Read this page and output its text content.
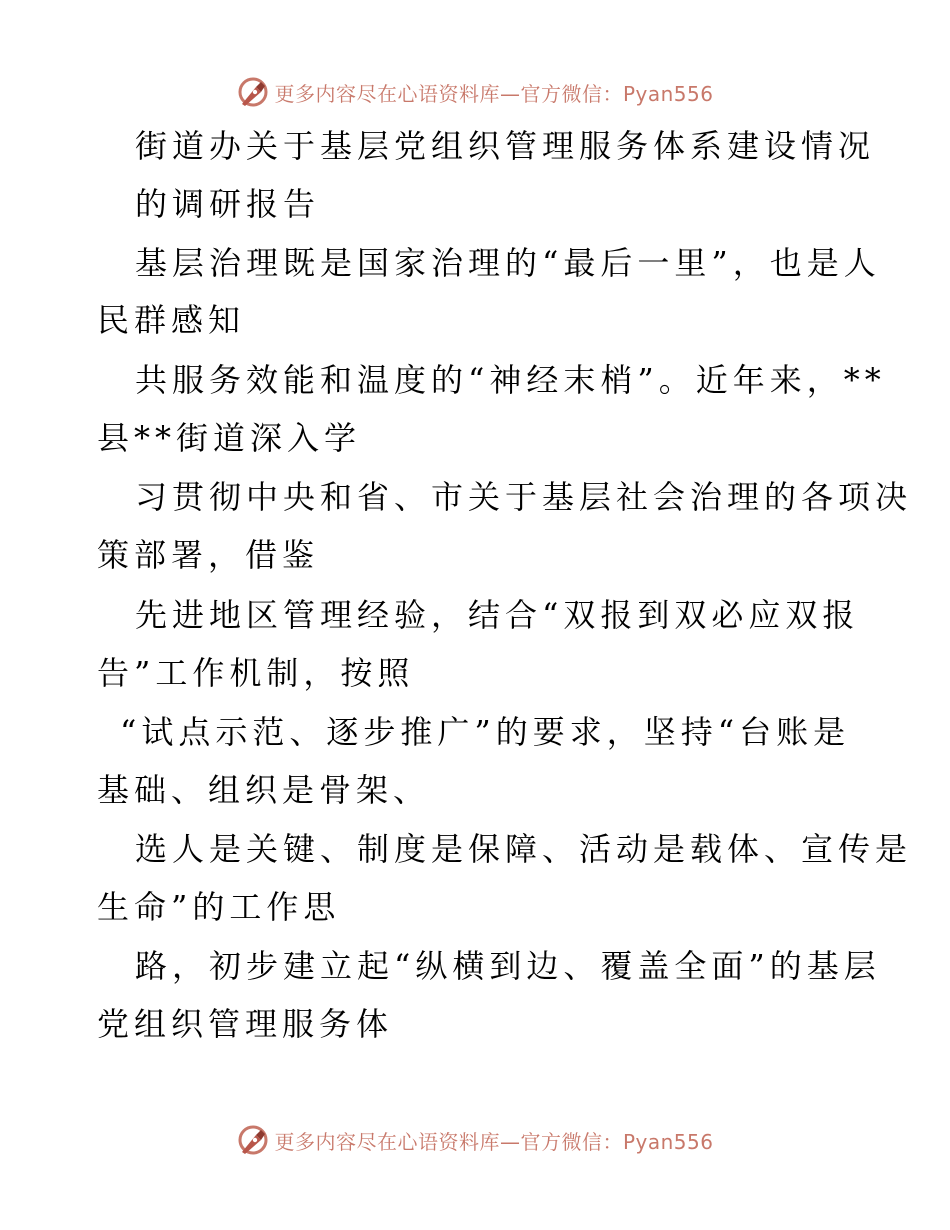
更多内容尽在心语资料库—官方微信：Pyan556
街道办关于基层党组织管理服务体系建设情况
的调研报告
基层治理既是国家治理的“最后一里”，也是人
民群感知
共服务效能和温度的“神经末梢”。近年来，**
县**街道深入学
习贯彻中央和省、市关于基层社会治理的各项决
策部署，借鉴
先进地区管理经验，结合“双报到双必应双报
告”工作机制，按照
“试点示范、逐步推广”的要求，坚持“台账是
基础、组织是骨架、
选人是关键、制度是保障、活动是载体、宣传是
生命”的工作思
路，初步建立起“纵横到边、覆盖全面”的基层
党组织管理服务体
更多内容尽在心语资料库—官方微信：Pyan556
